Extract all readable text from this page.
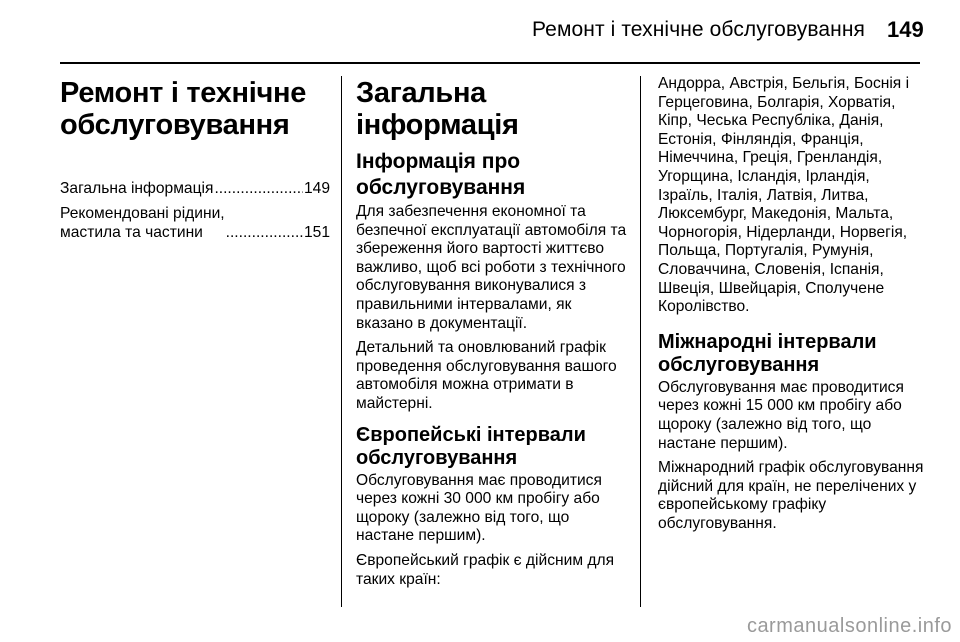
Ремонт і технічне обслуговування 149
Ремонт і технічне обслуговування
Загальна інформація .....	149
Рекомендовані рідини,
мастила та частини .....	151
Загальна інформація
Інформація про обслуговування

Для забезпечення економної та безпечної експлуатації автомобіля та збереження його вартості життєво важливо, щоб всі роботи з технічного обслуговування виконувалися з правильними інтервалами, як вказано в документації.

Детальний та оновлюваний графік проведення обслуговування вашого автомобіля можна отримати в майстерні.

Європейські інтервали обслуговування

Обслуговування має проводитися через кожні 30 000 км пробігу або щороку (залежно від того, що настане першим).

Європейський графік є дійсним для таких країн:

Андорра, Австрія, Бельгія, Боснія і Герцеговина, Болгарія, Хорватія, Кіпр, Чеська Республіка, Данія, Естонія, Фінляндія, Франція, Німеччина, Греція, Гренландія, Угорщина, Ісландія, Ірландія, Ізраїль, Італія, Латвія, Литва, Люксембург, Македонія, Мальта, Чорногорія, Нідерланди, Норвегія, Польща, Португалія, Румунія, Словаччина, Словенія, Іспанія, Швеція, Швейцарія, Сполучене Королівство.

Міжнародні інтервали обслуговування

Обслуговування має проводитися через кожні 15 000 км пробігу або щороку (залежно від того, що настане першим).

Міжнародний графік обслуговування дійсний для країн, не перелічених у європейському графіку обслуговування.

carmanualsonline.info
